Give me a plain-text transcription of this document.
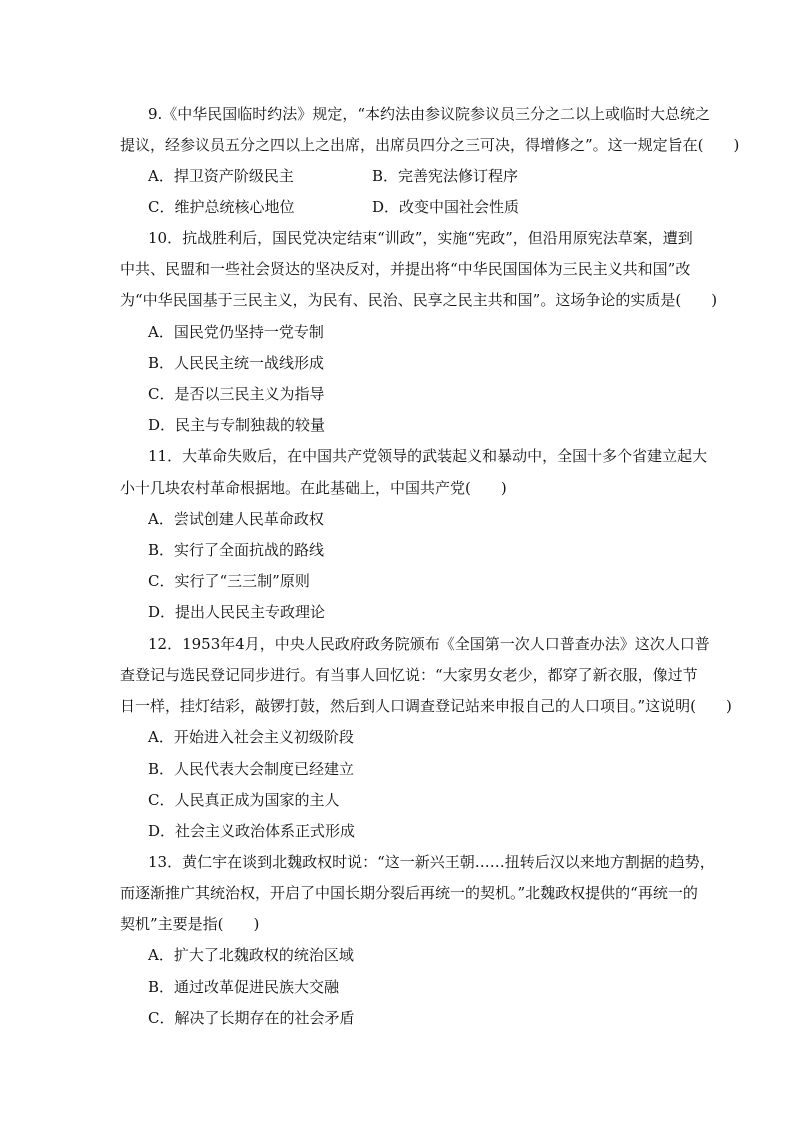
9.《中华民国临时约法》规定，“本约法由参议院参议员三分之二以上或临时大总统之
提议，经参议员五分之四以上之出席，出席员四分之三可决，得增修之”。这一规定旨在(　　)
A．捍卫资产阶级民主	B．完善宪法修订程序
C．维护总统核心地位	D．改变中国社会性质
10．抗战胜利后，国民党决定结束“训政”，实施“宪政”，但沿用原宪法草案，遭到
中共、民盟和一些社会贤达的坚决反对，并提出将“中华民国国体为三民主义共和国”改
为“中华民国基于三民主义，为民有、民治、民享之民主共和国”。这场争论的实质是(　　)
A．国民党仍坚持一党专制
B．人民民主统一战线形成
C．是否以三民主义为指导
D．民主与专制独裁的较量
11．大革命失败后，在中国共产党领导的武装起义和暴动中，全国十多个省建立起大
小十几块农村革命根据地。在此基础上，中国共产党(　　)
A．尝试创建人民革命政权
B．实行了全面抗战的路线
C．实行了“三三制”原则
D．提出人民民主专政理论
12．1953年4月，中央人民政府政务院颁布《全国第一次人口普查办法》这次人口普
查登记与选民登记同步进行。有当事人回忆说：“大家男女老少，都穿了新衣服，像过节
日一样，挂灯结彩，敲锣打鼓，然后到人口调查登记站来申报自己的人口项目。”这说明(　　)
A．开始进入社会主义初级阶段
B．人民代表大会制度已经建立
C．人民真正成为国家的主人
D．社会主义政治体系正式形成
13．黄仁宇在谈到北魏政权时说：“这一新兴王朝……扭转后汉以来地方割据的趋势，
而逐渐推广其统治权，开启了中国长期分裂后再统一的契机。”北魏政权提供的“再统一的
契机”主要是指(　　)
A．扩大了北魏政权的统治区域
B．通过改革促进民族大交融
C．解决了长期存在的社会矛盾
